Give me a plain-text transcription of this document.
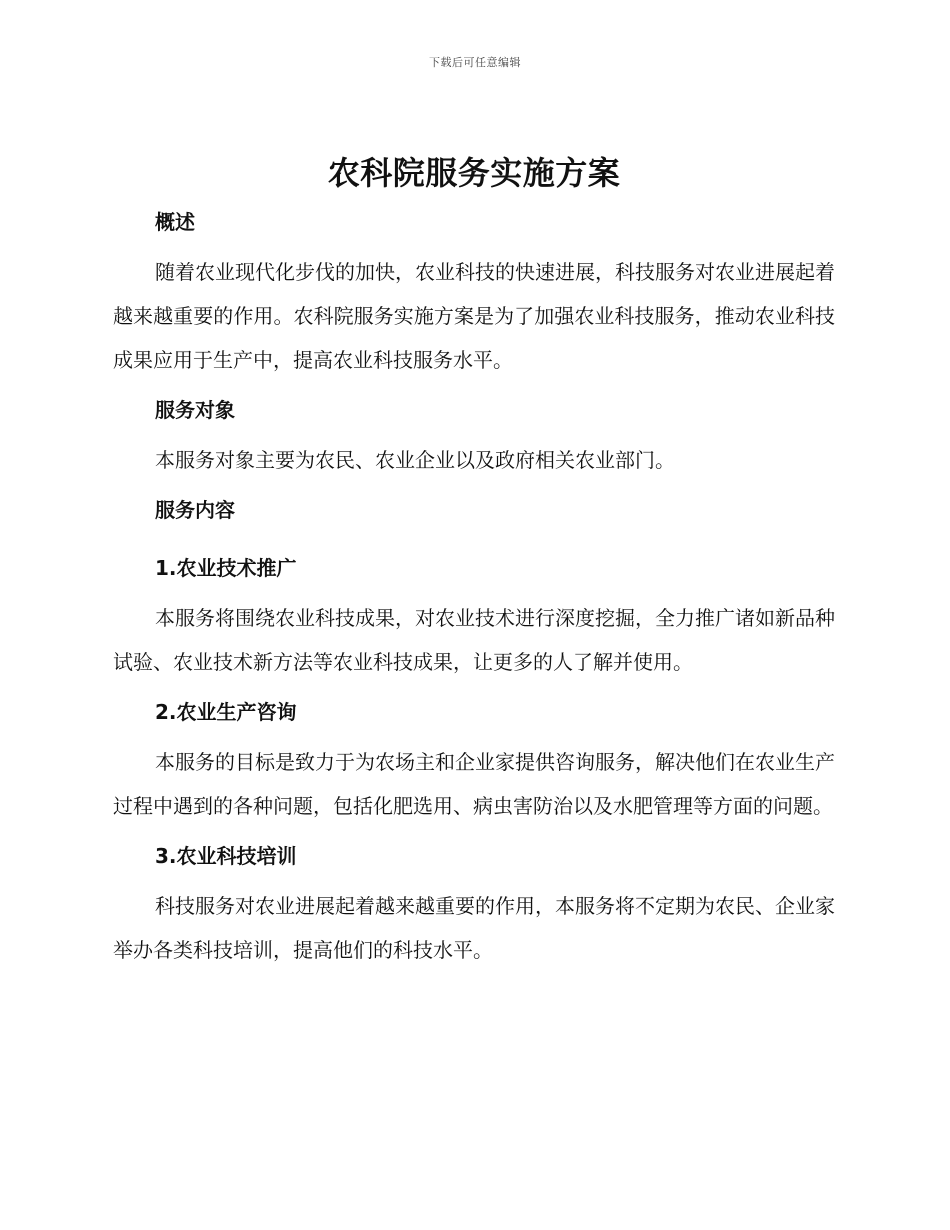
下载后可任意编辑
农科院服务实施方案

概述

随着农业现代化步伐的加快，农业科技的快速进展，科技服务对农业进展起着越来越重要的作用。农科院服务实施方案是为了加强农业科技服务，推动农业科技成果应用于生产中，提高农业科技服务水平。

服务对象

本服务对象主要为农民、农业企业以及政府相关农业部门。

服务内容

1.农业技术推广

本服务将围绕农业科技成果，对农业技术进行深度挖掘，全力推广诸如新品种试验、农业技术新方法等农业科技成果，让更多的人了解并使用。

2.农业生产咨询

本服务的目标是致力于为农场主和企业家提供咨询服务，解决他们在农业生产过程中遇到的各种问题，包括化肥选用、病虫害防治以及水肥管理等方面的问题。

3.农业科技培训

科技服务对农业进展起着越来越重要的作用，本服务将不定期为农民、企业家举办各类科技培训，提高他们的科技水平。
